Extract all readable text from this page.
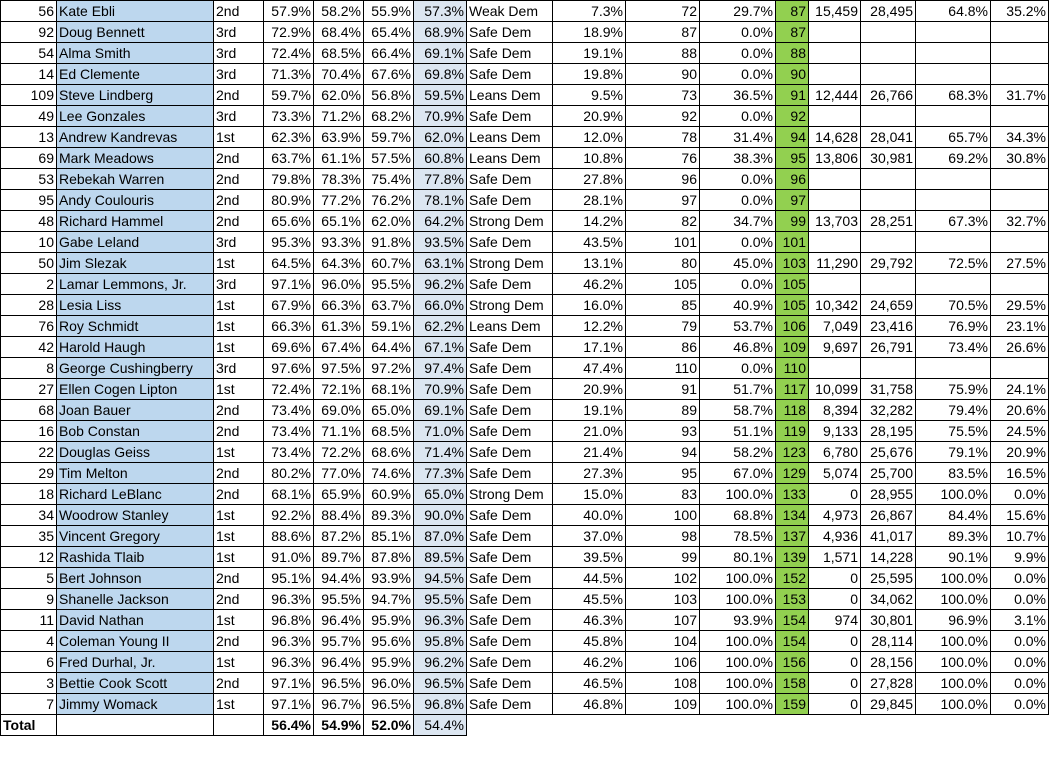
56	Kate Ebli	2nd	57.9%	58.2%	55.9%	57.3%	Weak Dem	7.3%	72	29.7%	87	15,459	28,495	64.8%	35.2%
92	Doug Bennett	3rd	72.9%	68.4%	65.4%	68.9%	Safe Dem	18.9%	87	0.0%	87				
54	Alma Smith	3rd	72.4%	68.5%	66.4%	69.1%	Safe Dem	19.1%	88	0.0%	88				
14	Ed Clemente	3rd	71.3%	70.4%	67.6%	69.8%	Safe Dem	19.8%	90	0.0%	90				
109	Steve Lindberg	2nd	59.7%	62.0%	56.8%	59.5%	Leans Dem	9.5%	73	36.5%	91	12,444	26,766	68.3%	31.7%
49	Lee Gonzales	3rd	73.3%	71.2%	68.2%	70.9%	Safe Dem	20.9%	92	0.0%	92				
13	Andrew Kandrevas	1st	62.3%	63.9%	59.7%	62.0%	Leans Dem	12.0%	78	31.4%	94	14,628	28,041	65.7%	34.3%
69	Mark Meadows	2nd	63.7%	61.1%	57.5%	60.8%	Leans Dem	10.8%	76	38.3%	95	13,806	30,981	69.2%	30.8%
53	Rebekah Warren	2nd	79.8%	78.3%	75.4%	77.8%	Safe Dem	27.8%	96	0.0%	96				
95	Andy Coulouris	2nd	80.9%	77.2%	76.2%	78.1%	Safe Dem	28.1%	97	0.0%	97				
48	Richard Hammel	2nd	65.6%	65.1%	62.0%	64.2%	Strong Dem	14.2%	82	34.7%	99	13,703	28,251	67.3%	32.7%
10	Gabe Leland	3rd	95.3%	93.3%	91.8%	93.5%	Safe Dem	43.5%	101	0.0%	101				
50	Jim Slezak	1st	64.5%	64.3%	60.7%	63.1%	Strong Dem	13.1%	80	45.0%	103	11,290	29,792	72.5%	27.5%
2	Lamar Lemmons, Jr.	3rd	97.1%	96.0%	95.5%	96.2%	Safe Dem	46.2%	105	0.0%	105				
28	Lesia Liss	1st	67.9%	66.3%	63.7%	66.0%	Strong Dem	16.0%	85	40.9%	105	10,342	24,659	70.5%	29.5%
76	Roy Schmidt	1st	66.3%	61.3%	59.1%	62.2%	Leans Dem	12.2%	79	53.7%	106	7,049	23,416	76.9%	23.1%
42	Harold Haugh	1st	69.6%	67.4%	64.4%	67.1%	Safe Dem	17.1%	86	46.8%	109	9,697	26,791	73.4%	26.6%
8	George Cushingberry	3rd	97.6%	97.5%	97.2%	97.4%	Safe Dem	47.4%	110	0.0%	110				
27	Ellen Cogen Lipton	1st	72.4%	72.1%	68.1%	70.9%	Safe Dem	20.9%	91	51.7%	117	10,099	31,758	75.9%	24.1%
68	Joan Bauer	2nd	73.4%	69.0%	65.0%	69.1%	Safe Dem	19.1%	89	58.7%	118	8,394	32,282	79.4%	20.6%
16	Bob Constan	2nd	73.4%	71.1%	68.5%	71.0%	Safe Dem	21.0%	93	51.1%	119	9,133	28,195	75.5%	24.5%
22	Douglas Geiss	1st	73.4%	72.2%	68.6%	71.4%	Safe Dem	21.4%	94	58.2%	123	6,780	25,676	79.1%	20.9%
29	Tim Melton	2nd	80.2%	77.0%	74.6%	77.3%	Safe Dem	27.3%	95	67.0%	129	5,074	25,700	83.5%	16.5%
18	Richard LeBlanc	2nd	68.1%	65.9%	60.9%	65.0%	Strong Dem	15.0%	83	100.0%	133	0	28,955	100.0%	0.0%
34	Woodrow Stanley	1st	92.2%	88.4%	89.3%	90.0%	Safe Dem	40.0%	100	68.8%	134	4,973	26,867	84.4%	15.6%
35	Vincent Gregory	1st	88.6%	87.2%	85.1%	87.0%	Safe Dem	37.0%	98	78.5%	137	4,936	41,017	89.3%	10.7%
12	Rashida Tlaib	1st	91.0%	89.7%	87.8%	89.5%	Safe Dem	39.5%	99	80.1%	139	1,571	14,228	90.1%	9.9%
5	Bert Johnson	2nd	95.1%	94.4%	93.9%	94.5%	Safe Dem	44.5%	102	100.0%	152	0	25,595	100.0%	0.0%
9	Shanelle Jackson	2nd	96.3%	95.5%	94.7%	95.5%	Safe Dem	45.5%	103	100.0%	153	0	34,062	100.0%	0.0%
11	David Nathan	1st	96.8%	96.4%	95.9%	96.3%	Safe Dem	46.3%	107	93.9%	154	974	30,801	96.9%	3.1%
4	Coleman Young II	2nd	96.3%	95.7%	95.6%	95.8%	Safe Dem	45.8%	104	100.0%	154	0	28,114	100.0%	0.0%
6	Fred Durhal, Jr.	1st	96.3%	96.4%	95.9%	96.2%	Safe Dem	46.2%	106	100.0%	156	0	28,156	100.0%	0.0%
3	Bettie Cook Scott	2nd	97.1%	96.5%	96.0%	96.5%	Safe Dem	46.5%	108	100.0%	158	0	27,828	100.0%	0.0%
7	Jimmy Womack	1st	97.1%	96.7%	96.5%	96.8%	Safe Dem	46.8%	109	100.0%	159	0	29,845	100.0%	0.0%
Total			56.4%	54.9%	52.0%	54.4%									
